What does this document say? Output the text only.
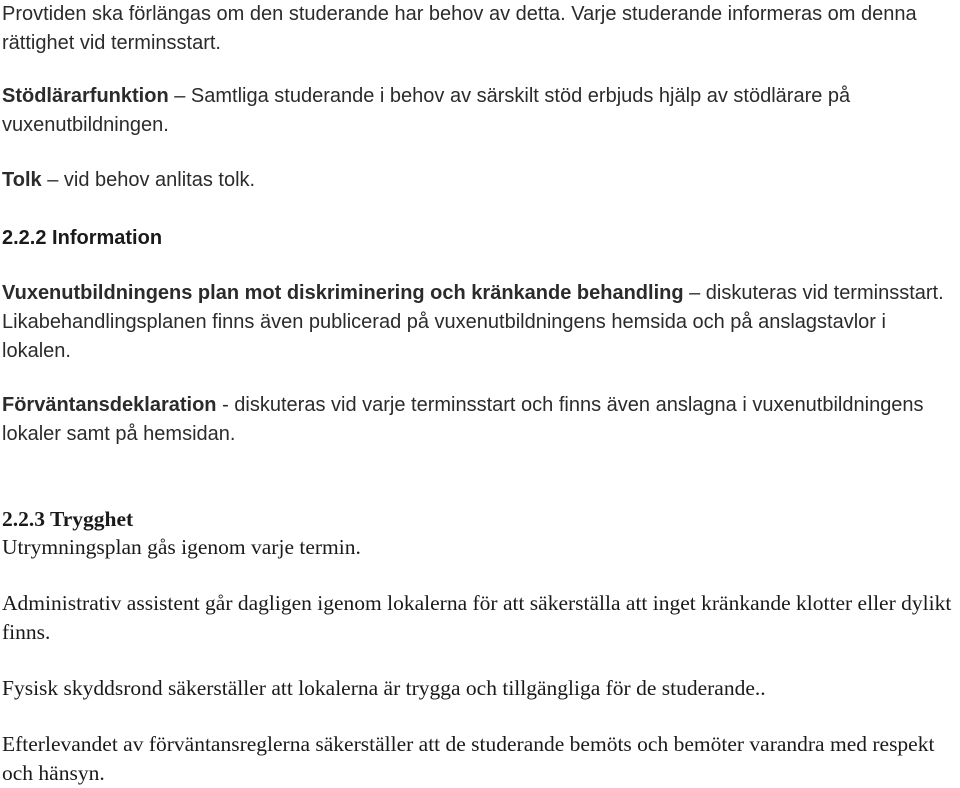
Provtiden ska förlängas om den studerande har behov av detta. Varje studerande informeras om denna rättighet vid terminsstart.

Stödlärarfunktion – Samtliga studerande i behov av särskilt stöd erbjuds hjälp av stödlärare på vuxenutbildningen.

Tolk – vid behov anlitas tolk.

2.2.2 Information

Vuxenutbildningens plan mot diskriminering och kränkande behandling – diskuteras vid terminsstart. Likabehandlingsplanen finns även publicerad på vuxenutbildningens hemsida och på anslagstavlor i lokalen.

Förväntansdeklaration - diskuteras vid varje terminsstart och finns även anslagna i vuxenutbildningens lokaler samt på hemsidan.

2.2.3 Trygghet

Utrymningsplan gås igenom varje termin.

Administrativ assistent går dagligen igenom lokalerna för att säkerställa att inget kränkande klotter eller dylikt finns.

Fysisk skyddsrond säkerställer att lokalerna är trygga och tillgängliga för de studerande..

Efterlevandet av förväntansreglerna säkerställer att de studerande bemöts och bemöter varandra med respekt och hänsyn.
